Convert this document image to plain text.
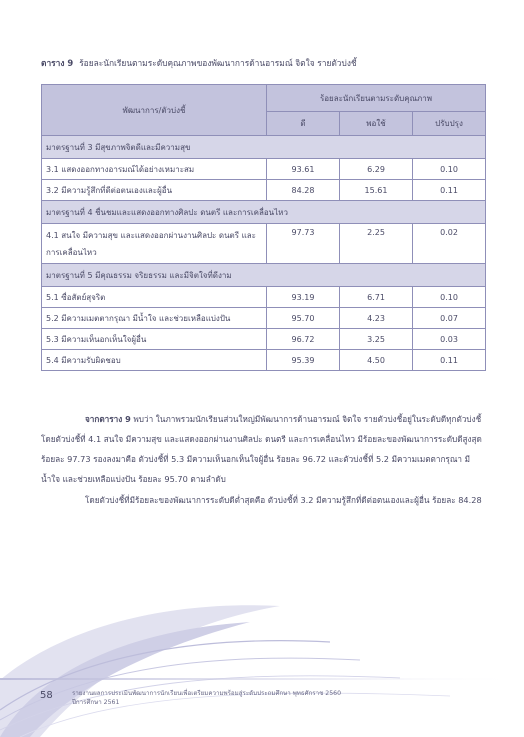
ตาราง 9 ร้อยละนักเรียนตามระดับคุณภาพของพัฒนาการด้านอารมณ์ จิตใจ รายตัวบ่งชี้
พัฒนาการ/ตัวบ่งชี้	ร้อยละนักเรียนตามระดับคุณภาพ		
	ดี	พอใช้	ปรับปรุง
มาตรฐานที่ 3 มีสุขภาพจิตดีและมีความสุข			
3.1 แสดงออกทางอารมณ์ได้อย่างเหมาะสม	93.61	6.29	0.10
3.2 มีความรู้สึกที่ดีต่อตนเองและผู้อื่น	84.28	15.61	0.11
มาตรฐานที่ 4 ชื่นชมและแสดงออกทางศิลปะ ดนตรี และการเคลื่อนไหว			
4.1 สนใจ มีความสุข และแสดงออกผ่านงานศิลปะ ดนตรี และการเคลื่อนไหว	97.73	2.25	0.02
มาตรฐานที่ 5 มีคุณธรรม จริยธรรม และมีจิตใจที่ดีงาม			
5.1 ซื่อสัตย์สุจริต	93.19	6.71	0.10
5.2 มีความเมตตากรุณา มีน้ำใจ และช่วยเหลือแบ่งปัน	95.70	4.23	0.07
5.3 มีความเห็นอกเห็นใจผู้อื่น	96.72	3.25	0.03
5.4 มีความรับผิดชอบ	95.39	4.50	0.11

จากตาราง 9 พบว่า ในภาพรวมนักเรียนส่วนใหญ่มีพัฒนาการด้านอารมณ์ จิตใจ รายตัวบ่งชี้อยู่ในระดับดีทุกตัวบ่งชี้ โดยตัวบ่งชี้ที่ 4.1 สนใจ มีความสุข และแสดงออกผ่านงานศิลปะ ดนตรี และการเคลื่อนไหว มีร้อยละของพัฒนาการระดับดีสูงสุด ร้อยละ 97.73 รองลงมาคือ ตัวบ่งชี้ที่ 5.3 มีความเห็นอกเห็นใจผู้อื่น ร้อยละ 96.72 และตัวบ่งชี้ที่ 5.2 มีความเมตตากรุณา มีน้ำใจ และช่วยเหลือแบ่งปัน ร้อยละ 95.70 ตามลำดับ

โดยตัวบ่งชี้ที่มีร้อยละของพัฒนาการระดับดีต่ำสุดคือ ตัวบ่งชี้ที่ 3.2 มีความรู้สึกที่ดีต่อตนเองและผู้อื่น ร้อยละ 84.28

58	รายงานผลการประเมินพัฒนาการนักเรียนเพื่อเตรียมความพร้อมสู่ระดับประถมศึกษา พุทธศักราช 2560
ปีการศึกษา 2561
